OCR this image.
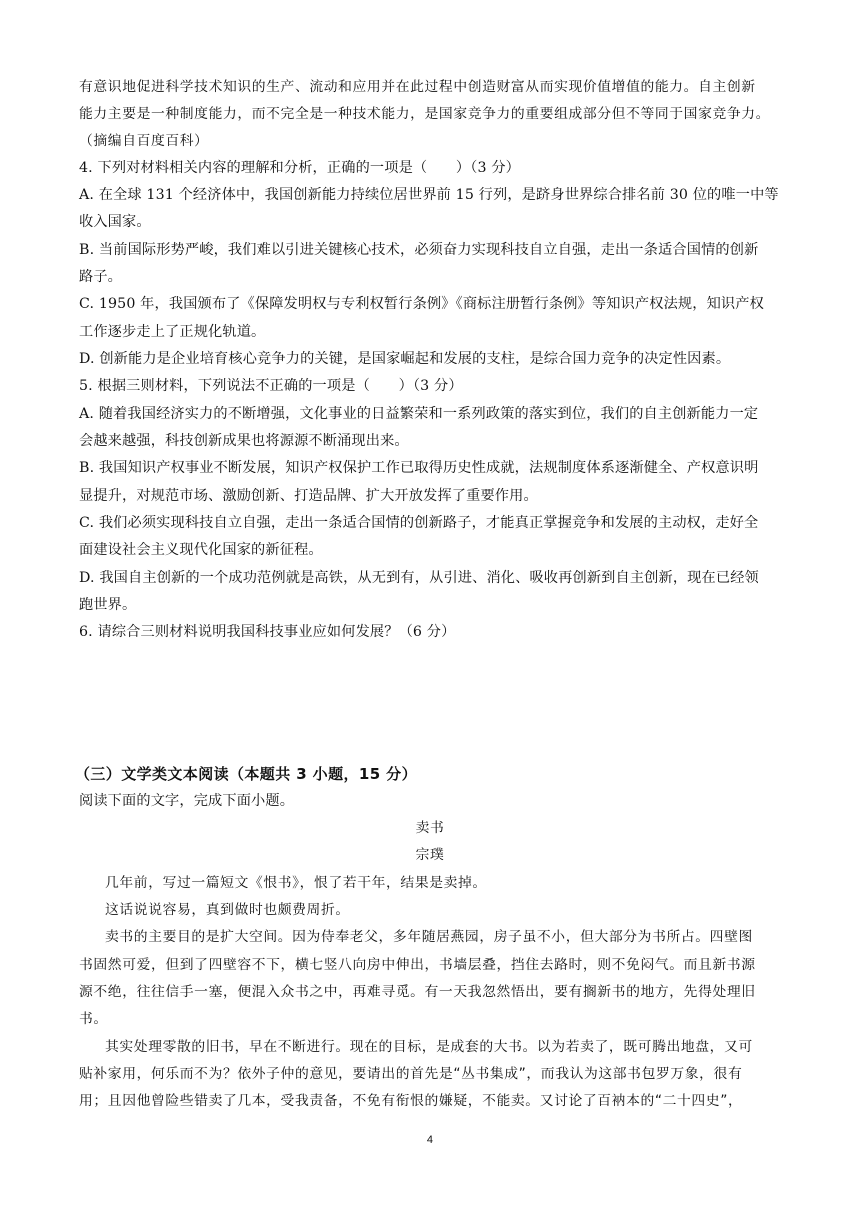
有意识地促进科学技术知识的生产、流动和应用并在此过程中创造财富从而实现价值增值的能力。自主创新
能力主要是一种制度能力，而不完全是一种技术能力，是国家竞争力的重要组成部分但不等同于国家竞争力。
（摘编自百度百科）
4. 下列对材料相关内容的理解和分析，正确的一项是（　　）（3 分）
A. 在全球 131 个经济体中，我国创新能力持续位居世界前 15 行列，是跻身世界综合排名前 30 位的唯一中等
收入国家。
B. 当前国际形势严峻，我们难以引进关键核心技术，必须奋力实现科技自立自强，走出一条适合国情的创新
路子。
C. 1950 年，我国颁布了《保障发明权与专利权暂行条例》《商标注册暂行条例》等知识产权法规，知识产权
工作逐步走上了正规化轨道。
D. 创新能力是企业培育核心竞争力的关键，是国家崛起和发展的支柱，是综合国力竞争的决定性因素。
5. 根据三则材料，下列说法不正确的一项是（　　）（3 分）
A. 随着我国经济实力的不断增强，文化事业的日益繁荣和一系列政策的落实到位，我们的自主创新能力一定
会越来越强，科技创新成果也将源源不断涌现出来。
B. 我国知识产权事业不断发展，知识产权保护工作已取得历史性成就，法规制度体系逐渐健全、产权意识明
显提升，对规范市场、激励创新、打造品牌、扩大开放发挥了重要作用。
C. 我们必须实现科技自立自强，走出一条适合国情的创新路子，才能真正掌握竞争和发展的主动权，走好全
面建设社会主义现代化国家的新征程。
D. 我国自主创新的一个成功范例就是高铁，从无到有，从引进、消化、吸收再创新到自主创新，现在已经领
跑世界。
6. 请综合三则材料说明我国科技事业应如何发展？（6 分）
（三）文学类文本阅读（本题共 3 小题，15 分）
阅读下面的文字，完成下面小题。
卖书
宗璞
几年前，写过一篇短文《恨书》，恨了若干年，结果是卖掉。
这话说说容易，真到做时也颇费周折。
卖书的主要目的是扩大空间。因为侍奉老父，多年随居燕园，房子虽不小，但大部分为书所占。四壁图
书固然可爱，但到了四壁容不下，横七竖八向房中伸出，书墙层叠，挡住去路时，则不免闷气。而且新书源
源不绝，往往信手一塞，便混入众书之中，再难寻觅。有一天我忽然悟出，要有搁新书的地方，先得处理旧
书。
其实处理零散的旧书，早在不断进行。现在的目标，是成套的大书。以为若卖了，既可腾出地盘，又可
贴补家用，何乐而不为？依外子仲的意见，要请出的首先是“丛书集成”，而我认为这部书包罗万象，很有
用；且因他曾险些错卖了几本，受我责备，不免有衔恨的嫌疑，不能卖。又讨论了百衲本的“二十四史”，
4
